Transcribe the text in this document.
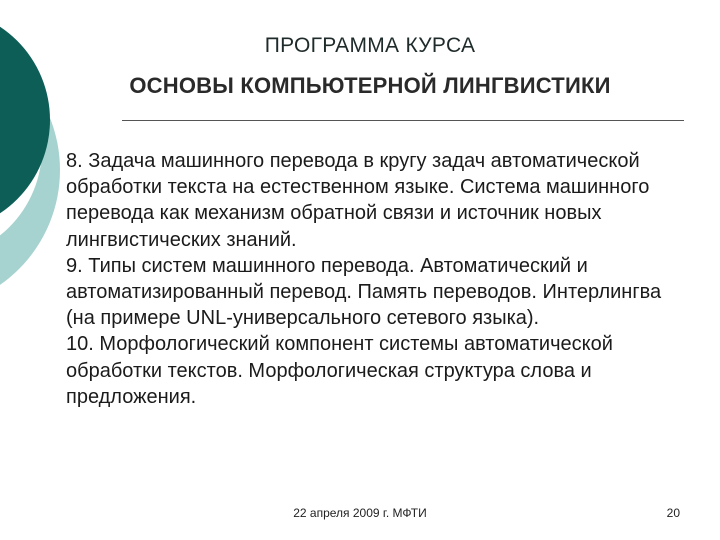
ПРОГРАММА КУРСА
ОСНОВЫ КОМПЬЮТЕРНОЙ ЛИНГВИСТИКИ

8. Задача машинного перевода в кругу задач автоматической обработки текста на естественном языке. Система машинного перевода как механизм обратной связи и источник новых лингвистических знаний.

9. Типы систем машинного перевода. Автоматический и автоматизированный перевод. Память переводов. Интерлингва (на примере UNL-универсального сетевого языка).

10. Морфологический компонент системы автоматической обработки текстов. Морфологическая структура слова и предложения.

22 апреля 2009 г. МФТИ	20
